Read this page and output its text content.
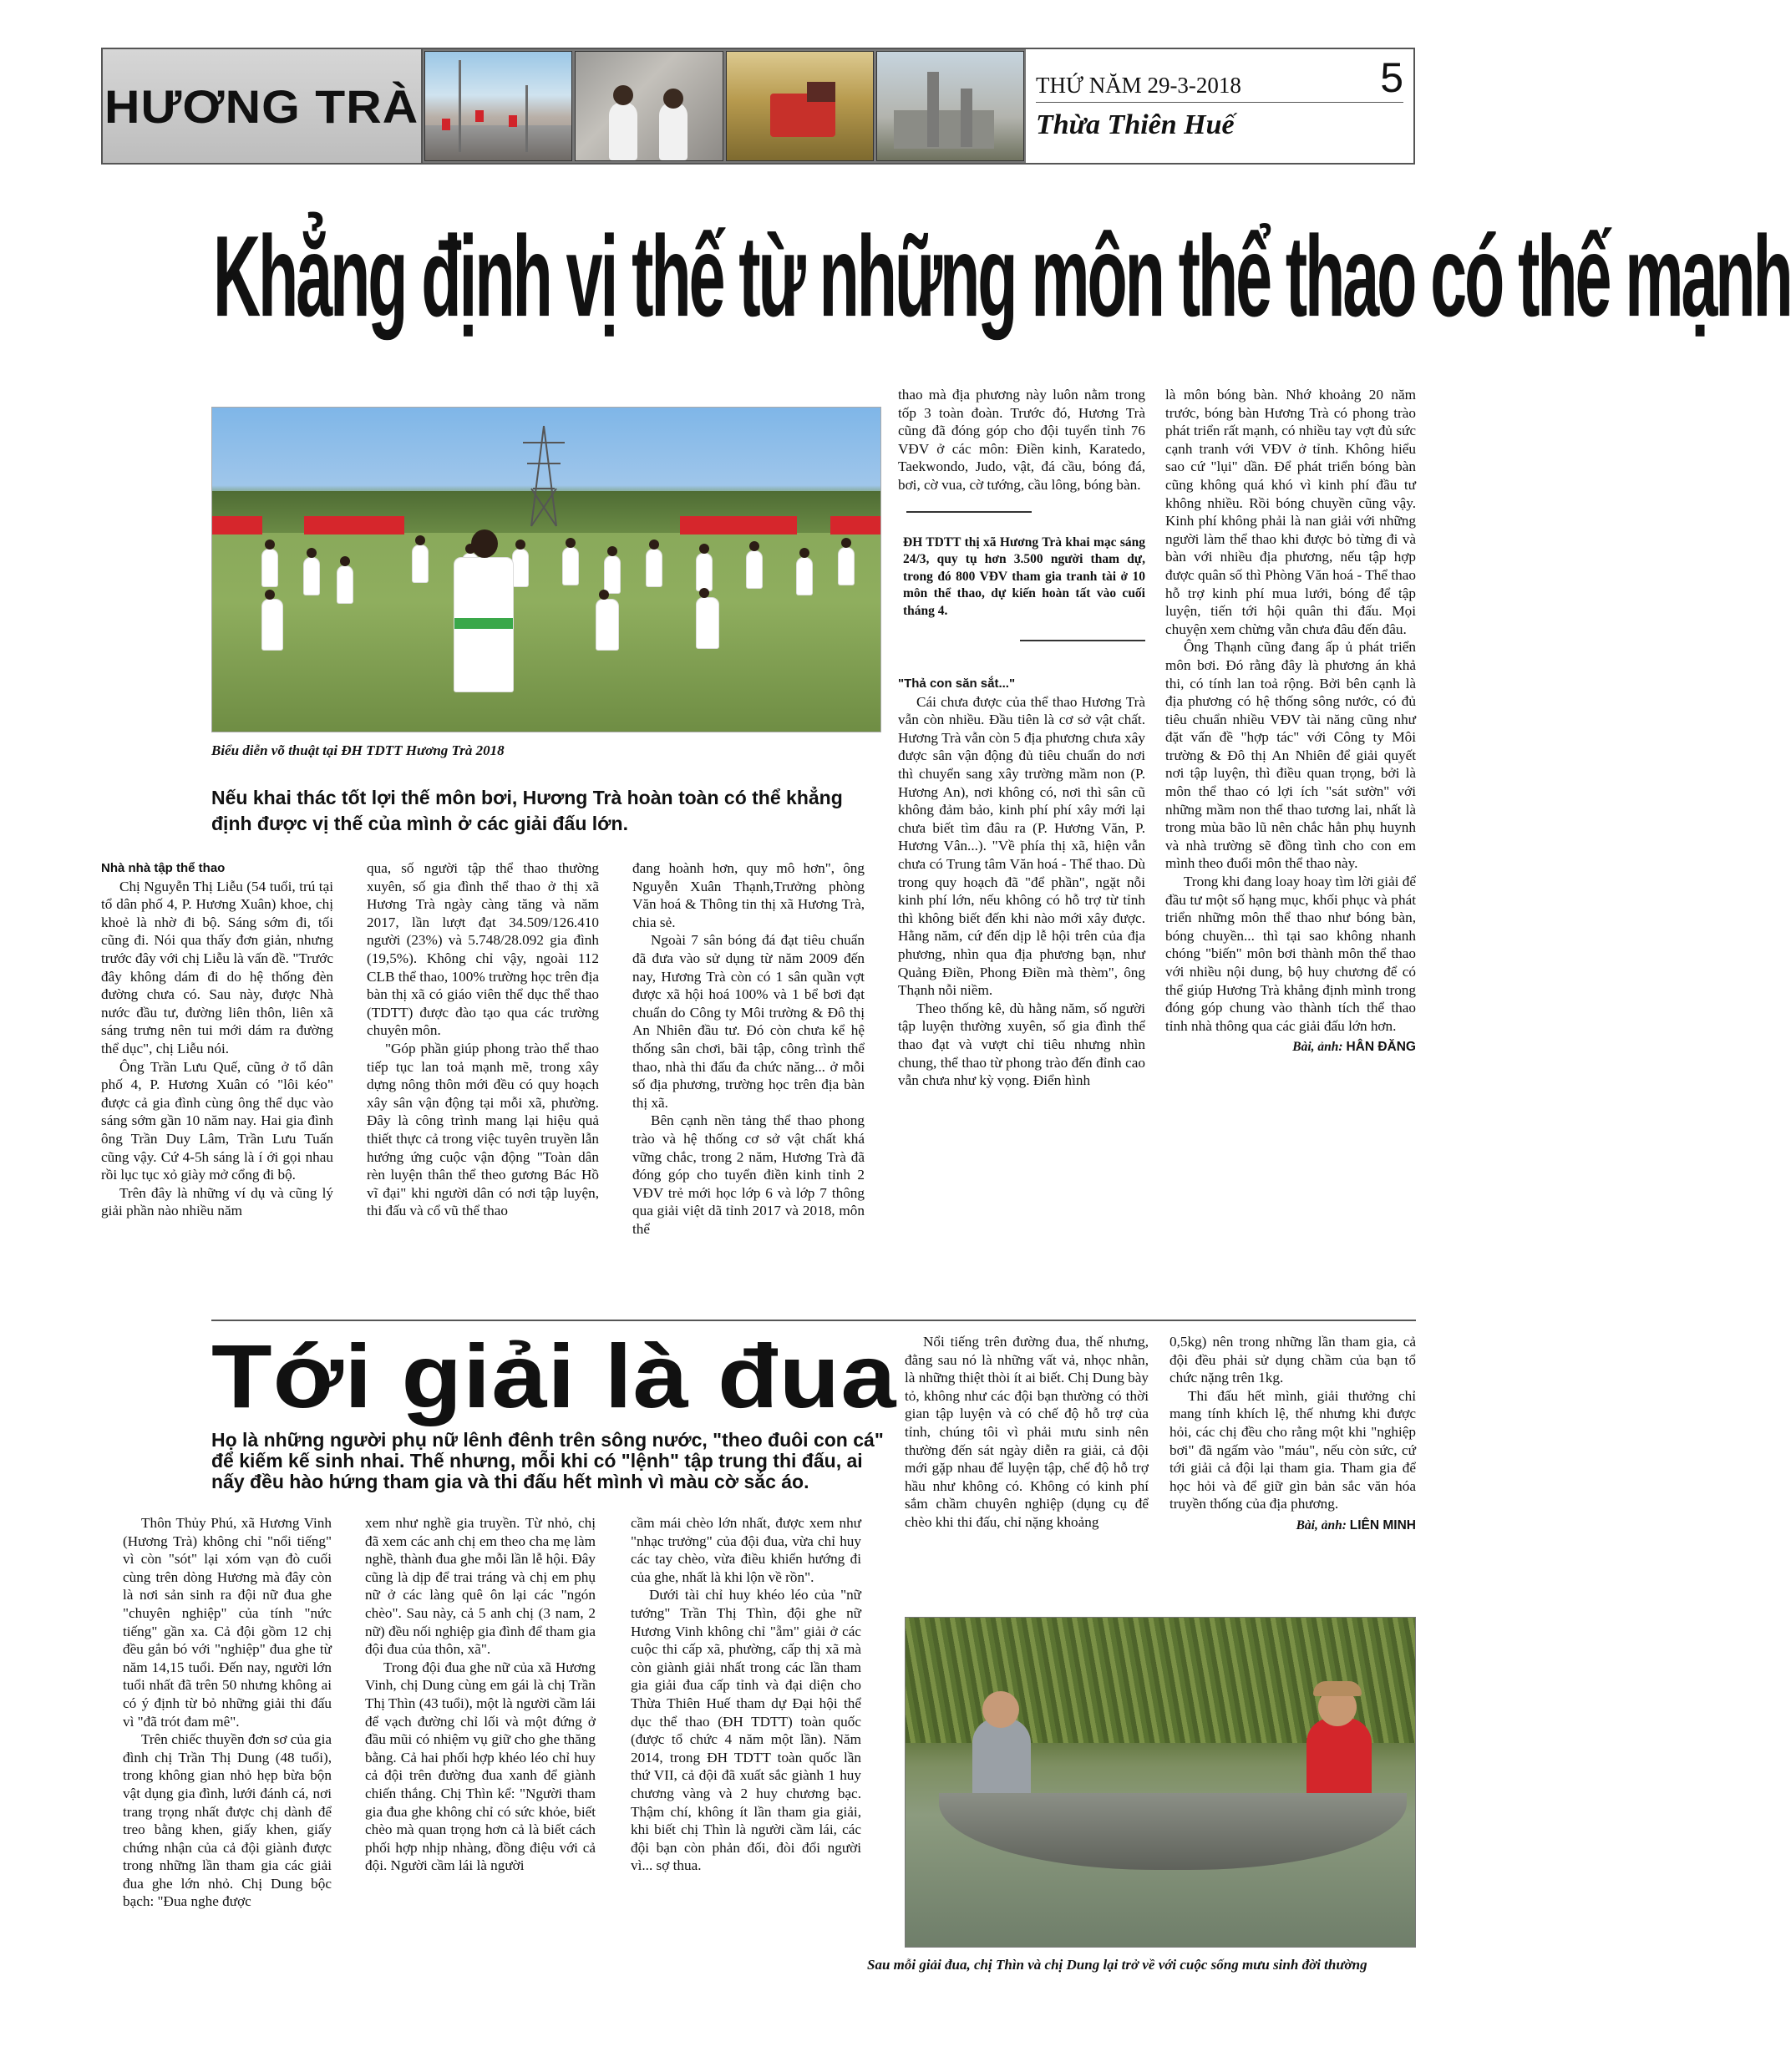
HƯƠNG TRÀ	THỨ NĂM 29-3-2018	5
Thừa Thiên Huế
Khẳng định vị thế từ những môn thể thao có thế mạnh
Biểu diễn võ thuật tại ĐH TDTT Hương Trà 2018
Nếu khai thác tốt lợi thế môn bơi, Hương Trà hoàn toàn có thể khẳng định được vị thế của mình ở các giải đấu lớn.

Nhà nhà tập thể thao

Chị Nguyễn Thị Liễu (54 tuổi, trú tại tổ dân phố 4, P. Hương Xuân) khoe, chị khoẻ là nhờ đi bộ. Sáng sớm đi, tối cũng đi. Nói qua thấy đơn giản, nhưng trước đây với chị Liễu là vấn đề. "Trước đây không dám đi do hệ thống đèn đường chưa có. Sau này, được Nhà nước đầu tư, đường liên thôn, liên xã sáng trưng nên tui mới dám ra đường thể dục", chị Liễu nói.

Ông Trần Lưu Quế, cũng ở tổ dân phố 4, P. Hương Xuân có "lôi kéo" được cả gia đình cùng ông thể dục vào sáng sớm gần 10 năm nay. Hai gia đình ông Trần Duy Lâm, Trần Lưu Tuấn cũng vậy. Cứ 4-5h sáng là í ới gọi nhau rồi lục tục xỏ giày mở cổng đi bộ.

Trên đây là những ví dụ và cũng lý giải phần nào nhiều năm

qua, số người tập thể thao thường xuyên, số gia đình thể thao ở thị xã Hương Trà ngày càng tăng và năm 2017, lần lượt đạt 34.509/126.410 người (23%) và 5.748/28.092 gia đình (19,5%). Không chỉ vậy, ngoài 112 CLB thể thao, 100% trường học trên địa bàn thị xã có giáo viên thể dục thể thao (TDTT) được đào tạo qua các trường chuyên môn.

"Góp phần giúp phong trào thể thao tiếp tục lan toả mạnh mẽ, trong xây dựng nông thôn mới đều có quy hoạch xây sân vận động tại mỗi xã, phường. Đây là công trình mang lại hiệu quả thiết thực cả trong việc tuyên truyền lẫn hướng ứng cuộc vận động "Toàn dân rèn luyện thân thể theo gương Bác Hồ vĩ đại" khi người dân có nơi tập luyện, thi đấu và cổ vũ thể thao

đang hoành hơn, quy mô hơn", ông Nguyễn Xuân Thạnh,Trưởng phòng Văn hoá & Thông tin thị xã Hương Trà, chia sẻ.

Ngoài 7 sân bóng đá đạt tiêu chuẩn đã đưa vào sử dụng từ năm 2009 đến nay, Hương Trà còn có 1 sân quần vợt được xã hội hoá 100% và 1 bể bơi đạt chuẩn do Công ty Môi trường & Đô thị An Nhiên đầu tư. Đó còn chưa kể hệ thống sân chơi, bãi tập, công trình thể thao, nhà thi đấu đa chức năng... ở mỗi số địa phương, trường học trên địa bàn thị xã.

Bên cạnh nền tảng thể thao phong trào và hệ thống cơ sở vật chất khá vững chắc, trong 2 năm, Hương Trà đã đóng góp cho tuyển điền kinh tỉnh 2 VĐV trẻ mới học lớp 6 và lớp 7 thông qua giải việt dã tỉnh 2017 và 2018, môn thể

thao mà địa phương này luôn nằm trong tốp 3 toàn đoàn. Trước đó, Hương Trà cũng đã đóng góp cho đội tuyển tỉnh 76 VĐV ở các môn: Điền kinh, Karatedo, Taekwondo, Judo, vật, đá cầu, bóng đá, bơi, cờ vua, cờ tướng, cầu lông, bóng bàn.

ĐH TDTT thị xã Hương Trà khai mạc sáng 24/3, quy tụ hơn 3.500 người tham dự, trong đó 800 VĐV tham gia tranh tài ở 10 môn thể thao, dự kiến hoàn tất vào cuối tháng 4.

"Thả con săn sắt..."

Cái chưa được của thể thao Hương Trà vẫn còn nhiều. Đầu tiên là cơ sở vật chất. Hương Trà vẫn còn 5 địa phương chưa xây được sân vận động đủ tiêu chuẩn do nơi thì chuyển sang xây trường mầm non (P. Hương An), nơi không có, nơi thì sân cũ không đảm bảo, kinh phí phí xây mới lại chưa biết tìm đâu ra (P. Hương Văn, P. Hương Vân...). "Về phía thị xã, hiện vẫn chưa có Trung tâm Văn hoá - Thể thao. Dù trong quy hoạch đã "để phần", ngặt nỗi kinh phí lớn, nếu không có hỗ trợ từ tỉnh thì không biết đến khi nào mới xây được. Hằng năm, cứ đến dịp lễ hội trên của địa phương, nhìn qua địa phương bạn, như Quảng Điền, Phong Điền mà thèm", ông Thạnh nỗi niềm.

Theo thống kê, dù hằng năm, số người tập luyện thường xuyên, số gia đình thể thao đạt và vượt chỉ tiêu nhưng nhìn chung, thể thao từ phong trào đến đỉnh cao vẫn chưa như kỳ vọng. Điển hình

là môn bóng bàn. Nhớ khoảng 20 năm trước, bóng bàn Hương Trà có phong trào phát triển rất mạnh, có nhiều tay vợt đủ sức cạnh tranh với VĐV ở tỉnh. Không hiểu sao cứ "lụi" dần. Để phát triển bóng bàn cũng không quá khó vì kinh phí đầu tư không nhiều. Rồi bóng chuyền cũng vậy. Kinh phí không phải là nan giải với những người làm thể thao khi được bỏ từng đi và bàn với nhiều địa phương, nếu tập hợp được quân số thì Phòng Văn hoá - Thể thao hỗ trợ kinh phí mua lưới, bóng để tập luyện, tiến tới hội quân thi đấu. Mọi chuyện xem chừng vẫn chưa đâu đến đâu.

Ông Thạnh cũng đang ấp ủ phát triển môn bơi. Đó rằng đây là phương án khả thi, có tính lan toả rộng. Bởi bên cạnh là địa phương có hệ thống sông nước, có đủ tiêu chuẩn nhiều VĐV tài năng cũng như đặt vấn đề "hợp tác" với Công ty Môi trường & Đô thị An Nhiên để giải quyết nơi tập luyện, thì điều quan trọng, bởi là môn thể thao có lợi ích "sát sườn" với những mầm non thể thao tương lai, nhất là trong mùa bão lũ nên chắc hẳn phụ huynh và nhà trường sẽ đồng tình cho con em mình theo đuổi môn thể thao này.

Trong khi đang loay hoay tìm lời giải để đầu tư một số hạng mục, khối phục và phát triển những môn thể thao như bóng bàn, bóng chuyền... thì tại sao không nhanh chóng "biến" môn bơi thành môn thể thao với nhiều nội dung, bộ huy chương để có thể giúp Hương Trà khẳng định mình trong đóng góp chung vào thành tích thể thao tỉnh nhà thông qua các giải đấu lớn hơn.

Bài, ảnh: HÂN ĐĂNG

Tới giải là đua
Họ là những người phụ nữ lênh đênh trên sông nước, "theo đuôi con cá" để kiếm kế sinh nhai. Thế nhưng, mỗi khi có "lệnh" tập trung thi đấu, ai nấy đều hào hứng tham gia và thi đấu hết mình vì màu cờ sắc áo.

Thôn Thủy Phú, xã Hương Vinh (Hương Trà) không chỉ "nổi tiếng" vì còn "sót" lại xóm vạn đò cuối cùng trên dòng Hương mà đây còn là nơi sản sinh ra đội nữ đua ghe "chuyên nghiệp" của tính "nức tiếng" gần xa. Cả đội gồm 12 chị đều gắn bó với "nghiệp" đua ghe từ năm 14,15 tuổi. Đến nay, người lớn tuổi nhất đã trên 50 nhưng không ai có ý định từ bỏ những giải thi đấu vì "đã trót đam mê".

Trên chiếc thuyền đơn sơ của gia đình chị Trần Thị Dung (48 tuổi), trong không gian nhỏ hẹp bừa bộn vật dụng gia đình, lưới đánh cá, nơi trang trọng nhất được chị dành để treo bằng khen, giấy khen, giấy chứng nhận của cả đội giành được trong những lần tham gia các giải đua ghe lớn nhỏ. Chị Dung bộc bạch: "Đua nghe được

xem như nghề gia truyền. Từ nhỏ, chị đã xem các anh chị em theo cha mẹ làm nghề, thành đua ghe mỗi lần lễ hội. Đây cũng là dịp để trai tráng và chị em phụ nữ ở các làng quê ôn lại các "ngón chèo". Sau này, cả 5 anh chị (3 nam, 2 nữ) đều nối nghiệp gia đình để tham gia đội đua của thôn, xã".

Trong đội đua ghe nữ của xã Hương Vinh, chị Dung cùng em gái là chị Trần Thị Thìn (43 tuổi), một là người cầm lái để vạch đường chỉ lối và một đứng ở đầu mũi có nhiệm vụ giữ cho ghe thăng bằng. Cả hai phối hợp khéo léo chỉ huy cả đội trên đường đua xanh để giành chiến thắng. Chị Thìn kể: "Người tham gia đua ghe không chỉ có sức khỏe, biết chèo mà quan trọng hơn cả là biết cách phối hợp nhịp nhàng, đồng điệu với cả đội. Người cầm lái là người

cầm mái chèo lớn nhất, được xem như "nhạc trưởng" của đội đua, vừa chỉ huy các tay chèo, vừa điều khiển hướng đi của ghe, nhất là khi lộn về rồn".

Dưới tài chỉ huy khéo léo của "nữ tướng" Trần Thị Thìn, đội ghe nữ Hương Vinh không chỉ "ẵm" giải ở các cuộc thi cấp xã, phường, cấp thị xã mà còn giành giải nhất trong các lần tham gia giải đua cấp tỉnh và đại diện cho Thừa Thiên Huế tham dự Đại hội thể dục thể thao (ĐH TDTT) toàn quốc (được tổ chức 4 năm một lần). Năm 2014, trong ĐH TDTT toàn quốc lần thứ VII, cả đội đã xuất sắc giành 1 huy chương vàng và 2 huy chương bạc. Thậm chí, không ít lần tham gia giải, khi biết chị Thìn là người cầm lái, các đội bạn còn phản đối, đòi đổi người vì... sợ thua.

Nổi tiếng trên đường đua, thế nhưng, đằng sau nó là những vất vả, nhọc nhằn, là những thiệt thòi ít ai biết. Chị Dung bày tỏ, không như các đội bạn thường có thời gian tập luyện và có chế độ hỗ trợ của tỉnh, chúng tôi vì phải mưu sinh nên thường đến sát ngày diễn ra giải, cả đội mới gặp nhau để luyện tập, chế độ hỗ trợ hầu như không có. Không có kinh phí sắm chầm chuyên nghiệp (dụng cụ để chèo khi thi đấu, chỉ nặng khoảng

0,5kg) nên trong những lần tham gia, cả đội đều phải sử dụng chầm của bạn tổ chức nặng trên 1kg.

Thi đấu hết mình, giải thưởng chỉ mang tính khích lệ, thế nhưng khi được hỏi, các chị đều cho rằng một khi "nghiệp bơi" đã ngấm vào "máu", nếu còn sức, cứ tới giải cả đội lại tham gia. Tham gia để học hỏi và để giữ gìn bản sắc văn hóa truyền thống của địa phương.

Bài, ảnh: LIÊN MINH

Sau mỗi giải đua, chị Thìn và chị Dung lại trở về với cuộc sống mưu sinh đời thường
